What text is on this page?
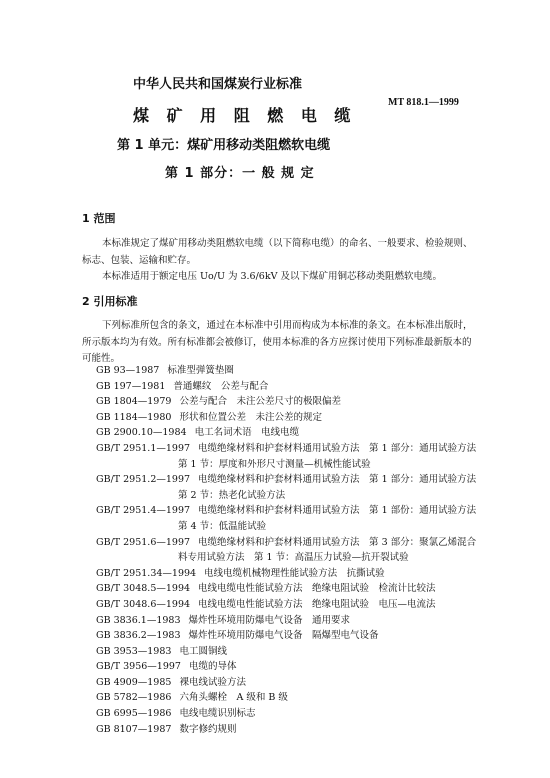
中华人民共和国煤炭行业标准
煤 矿 用 阻 燃 电 缆
MT 818.1—1999
第 1 单元：煤矿用移动类阻燃软电缆
第 1 部分：一 般 规 定
1 范围
本标准规定了煤矿用移动类阻燃软电缆（以下简称电缆）的命名、一般要求、检验规则、标志、包装、运输和贮存。
本标准适用于额定电压 Uo/U 为 3.6/6kV 及以下煤矿用铜芯移动类阻燃软电缆。
2 引用标准
下列标准所包含的条文，通过在本标准中引用而构成为本标准的条文。在本标准出版时，所示版本均为有效。所有标准都会被修订，使用本标准的各方应探讨使用下列标准最新版本的可能性。
GB 93—1987 标准型弹簧垫圈
GB 197—1981 普通螺纹　公差与配合
GB 1804—1979 公差与配合　未注公差尺寸的极限偏差
GB 1184—1980 形状和位置公差　未注公差的规定
GB 2900.10—1984 电工名词术语　电线电缆
GB/T 2951.1—1997 电缆绝缘材料和护套材料通用试验方法　第 1 部分：通用试验方法
第 1 节：厚度和外形尺寸测量—机械性能试验
GB/T 2951.2—1997 电缆绝缘材料和护套材料通用试验方法　第 1 部分：通用试验方法
第 2 节：热老化试验方法
GB/T 2951.4—1997 电缆绝缘材料和护套材料通用试验方法　第 1 部份：通用试验方法
第 4 节：低温能试验
GB/T 2951.6—1997 电缆绝缘材料和护套材料通用试验方法　第 3 部分：聚氯乙烯混合
料专用试验方法　第 1 节：高温压力试验—抗开裂试验
GB/T 2951.34—1994 电线电缆机械物理性能试验方法　抗撕试验
GB/T 3048.5—1994 电线电缆电性能试验方法　绝缘电阻试验　检流计比较法
GB/T 3048.6—1994 电线电缆电性能试验方法　绝缘电阻试验　电压—电流法
GB 3836.1—1983 爆炸性环境用防爆电气设备　通用要求
GB 3836.2—1983 爆炸性环境用防爆电气设备　隔爆型电气设备
GB 3953—1983 电工圆铜线
GB/T 3956—1997 电缆的导体
GB 4909—1985 裸电线试验方法
GB 5782—1986 六角头螺栓　A 级和 B 级
GB 6995—1986 电线电缆识别标志
GB 8107—1987 数字修约规则
